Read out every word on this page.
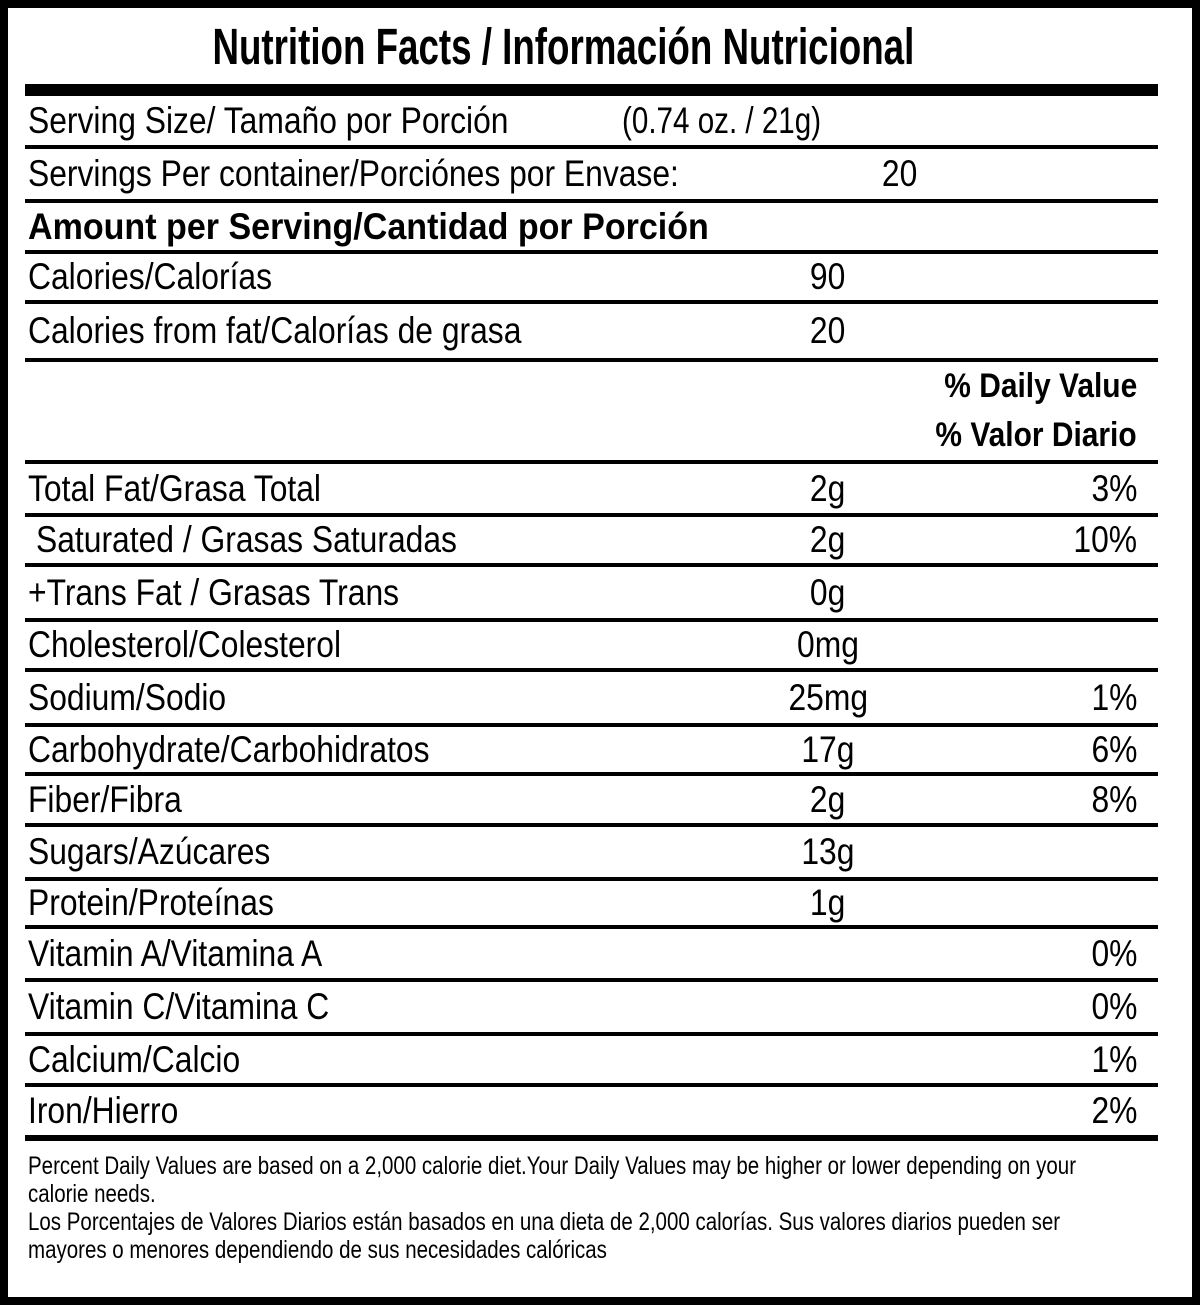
Nutrition Facts / Información Nutricional
Serving Size/ Tamaño por Porción	(0.74 oz. / 21g)
Servings Per container/Porciónes por Envase:	20
Amount per Serving/Cantidad por Porción
Calories/Calorías	90
Calories from fat/Calorías de grasa	20
% Daily Value
% Valor Diario
Total Fat/Grasa Total	2g	3%
Saturated / Grasas Saturadas	2g	10%
+Trans Fat / Grasas Trans	0g
Cholesterol/Colesterol	0mg
Sodium/Sodio	25mg	1%
Carbohydrate/Carbohidratos	17g	6%
Fiber/Fibra	2g	8%
Sugars/Azúcares	13g
Protein/Proteínas	1g
Vitamin A/Vitamina A	0%
Vitamin C/Vitamina C	0%
Calcium/Calcio	1%
Iron/Hierro	2%
Percent Daily Values are based on a 2,000 calorie diet.Your Daily Values may be higher or lower depending on your
calorie needs.
Los Porcentajes de Valores Diarios están basados en una dieta de 2,000 calorías. Sus valores diarios pueden ser
mayores o menores dependiendo de sus necesidades calóricas
